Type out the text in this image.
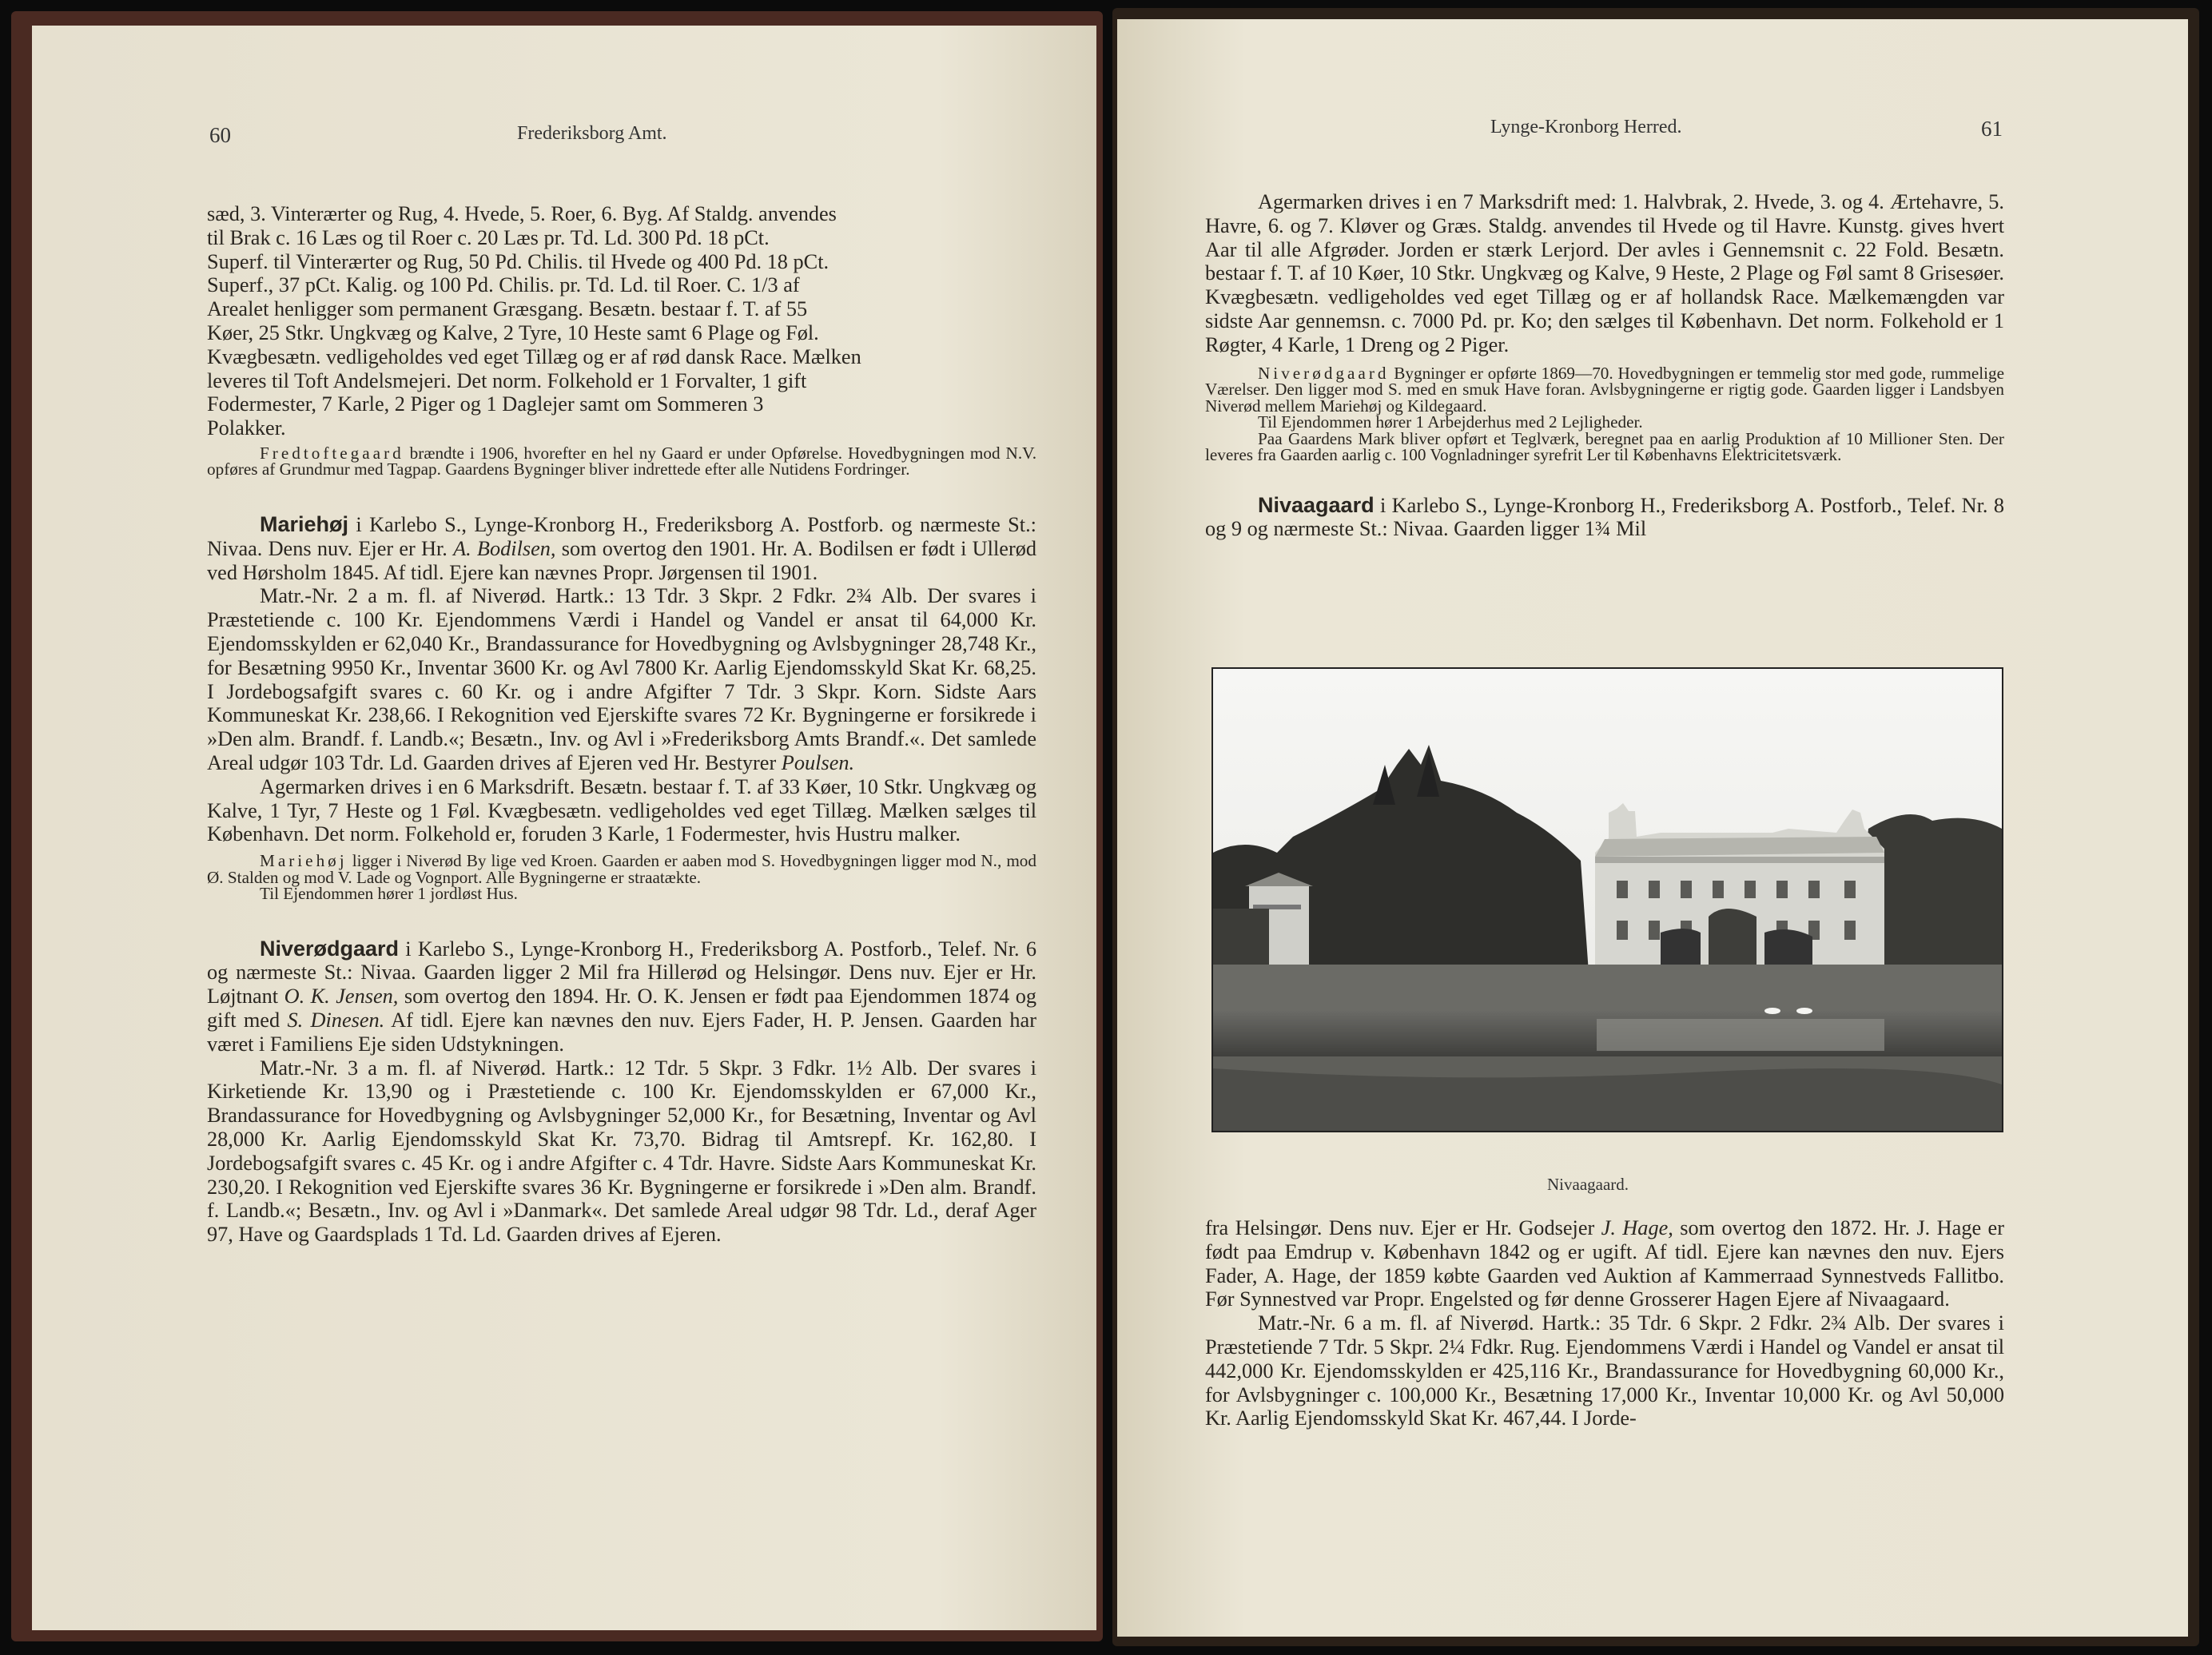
60	Frederiksborg Amt.

sæd, 3. Vinterærter og Rug, 4. Hvede, 5. Roer, 6. Byg. Af Staldg. anvendes
til Brak c. 16 Læs og til Roer c. 20 Læs pr. Td. Ld. 300 Pd. 18 pCt.
Superf. til Vinterærter og Rug, 50 Pd. Chilis. til Hvede og 400 Pd. 18 pCt.
Superf., 37 pCt. Kalig. og 100 Pd. Chilis. pr. Td. Ld. til Roer. C. 1/3 af
Arealet henligger som permanent Græsgang. Besætn. bestaar f. T. af 55
Køer, 25 Stkr. Ungkvæg og Kalve, 2 Tyre, 10 Heste samt 6 Plage og Føl.
Kvægbesætn. vedligeholdes ved eget Tillæg og er af rød dansk Race. Mælken
leveres til Toft Andelsmejeri. Det norm. Folkehold er 1 Forvalter, 1 gift
Fodermester, 7 Karle, 2 Piger og 1 Daglejer samt om Sommeren 3
Polakker.

Fredtoftegaard brændte i 1906, hvorefter en hel ny Gaard er under Opførelse. Hovedbygningen mod N.V. opføres af Grundmur med Tagpap. Gaardens Bygninger bliver indrettede efter alle Nutidens Fordringer.

Mariehøj i Karlebo S., Lynge-Kronborg H., Frederiksborg A. Postforb. og nærmeste St.: Nivaa. Dens nuv. Ejer er Hr. A. Bodilsen, som overtog den 1901. Hr. A. Bodilsen er født i Ullerød ved Hørsholm 1845. Af tidl. Ejere kan nævnes Propr. Jørgensen til 1901.

Matr.-Nr. 2 a m. fl. af Niverød. Hartk.: 13 Tdr. 3 Skpr. 2 Fdkr. 2¾ Alb. Der svares i Præstetiende c. 100 Kr. Ejendommens Værdi i Handel og Vandel er ansat til 64,000 Kr. Ejendomsskylden er 62,040 Kr., Brandassurance for Hovedbygning og Avlsbygninger 28,748 Kr., for Besætning 9950 Kr., Inventar 3600 Kr. og Avl 7800 Kr. Aarlig Ejendomsskyld Skat Kr. 68,25. I Jordebogsafgift svares c. 60 Kr. og i andre Afgifter 7 Tdr. 3 Skpr. Korn. Sidste Aars Kommuneskat Kr. 238,66. I Rekognition ved Ejerskifte svares 72 Kr. Bygningerne er forsikrede i »Den alm. Brandf. f. Landb.«; Besætn., Inv. og Avl i »Frederiksborg Amts Brandf.«. Det samlede Areal udgør 103 Tdr. Ld. Gaarden drives af Ejeren ved Hr. Bestyrer Poulsen.

Agermarken drives i en 6 Marksdrift. Besætn. bestaar f. T. af 33 Køer, 10 Stkr. Ungkvæg og Kalve, 1 Tyr, 7 Heste og 1 Føl. Kvægbesætn. vedligeholdes ved eget Tillæg. Mælken sælges til København. Det norm. Folkehold er, foruden 3 Karle, 1 Fodermester, hvis Hustru malker.

Mariehøj ligger i Niverød By lige ved Kroen. Gaarden er aaben mod S. Hovedbygningen ligger mod N., mod Ø. Stalden og mod V. Lade og Vognport. Alle Bygningerne er straatækte.

Til Ejendommen hører 1 jordløst Hus.

Niverødgaard i Karlebo S., Lynge-Kronborg H., Frederiksborg A. Postforb., Telef. Nr. 6 og nærmeste St.: Nivaa. Gaarden ligger 2 Mil fra Hillerød og Helsingør. Dens nuv. Ejer er Hr. Løjtnant O. K. Jensen, som overtog den 1894. Hr. O. K. Jensen er født paa Ejendommen 1874 og gift med S. Dinesen. Af tidl. Ejere kan nævnes den nuv. Ejers Fader, H. P. Jensen. Gaarden har været i Familiens Eje siden Udstykningen.

Matr.-Nr. 3 a m. fl. af Niverød. Hartk.: 12 Tdr. 5 Skpr. 3 Fdkr. 1½ Alb. Der svares i Kirketiende Kr. 13,90 og i Præstetiende c. 100 Kr. Ejendomsskylden er 67,000 Kr., Brandassurance for Hovedbygning og Avlsbygninger 52,000 Kr., for Besætning, Inventar og Avl 28,000 Kr. Aarlig Ejendomsskyld Skat Kr. 73,70. Bidrag til Amtsrepf. Kr. 162,80. I Jordebogsafgift svares c. 45 Kr. og i andre Afgifter c. 4 Tdr. Havre. Sidste Aars Kommuneskat Kr. 230,20. I Rekognition ved Ejerskifte svares 36 Kr. Bygningerne er forsikrede i »Den alm. Brandf. f. Landb.«; Besætn., Inv. og Avl i »Danmark«. Det samlede Areal udgør 98 Tdr. Ld., deraf Ager 97, Have og Gaardsplads 1 Td. Ld. Gaarden drives af Ejeren.

Lynge-Kronborg Herred.	61

Agermarken drives i en 7 Marksdrift med: 1. Halvbrak, 2. Hvede, 3. og 4. Ærtehavre, 5. Havre, 6. og 7. Kløver og Græs. Staldg. anvendes til Hvede og til Havre. Kunstg. gives hvert Aar til alle Afgrøder. Jorden er stærk Lerjord. Der avles i Gennemsnit c. 22 Fold. Besætn. bestaar f. T. af 10 Køer, 10 Stkr. Ungkvæg og Kalve, 9 Heste, 2 Plage og Føl samt 8 Grisesøer. Kvægbesætn. vedligeholdes ved eget Tillæg og er af hollandsk Race. Mælkemængden var sidste Aar gennemsn. c. 7000 Pd. pr. Ko; den sælges til København. Det norm. Folkehold er 1 Røgter, 4 Karle, 1 Dreng og 2 Piger.

Niverødgaard Bygninger er opførte 1869—70. Hovedbygningen er temmelig stor med gode, rummelige Værelser. Den ligger mod S. med en smuk Have foran. Avlsbygningerne er rigtig gode. Gaarden ligger i Landsbyen Niverød mellem Mariehøj og Kildegaard.

Til Ejendommen hører 1 Arbejderhus med 2 Lejligheder.

Paa Gaardens Mark bliver opført et Teglværk, beregnet paa en aarlig Produktion af 10 Millioner Sten. Der leveres fra Gaarden aarlig c. 100 Vognladninger syrefrit Ler til Københavns Elektricitetsværk.

Nivaagaard i Karlebo S., Lynge-Kronborg H., Frederiksborg A. Postforb., Telef. Nr. 8 og 9 og nærmeste St.: Nivaa. Gaarden ligger 1¾ Mil

Nivaagaard.

fra Helsingør. Dens nuv. Ejer er Hr. Godsejer J. Hage, som overtog den 1872. Hr. J. Hage er født paa Emdrup v. København 1842 og er ugift. Af tidl. Ejere kan nævnes den nuv. Ejers Fader, A. Hage, der 1859 købte Gaarden ved Auktion af Kammerraad Synnestveds Fallitbo. Før Synnestved var Propr. Engelsted og før denne Grosserer Hagen Ejere af Nivaagaard.

Matr.-Nr. 6 a m. fl. af Niverød. Hartk.: 35 Tdr. 6 Skpr. 2 Fdkr. 2¾ Alb. Der svares i Præstetiende 7 Tdr. 5 Skpr. 2¼ Fdkr. Rug. Ejendommens Værdi i Handel og Vandel er ansat til 442,000 Kr. Ejendomsskylden er 425,116 Kr., Brandassurance for Hovedbygning 60,000 Kr., for Avlsbygninger c. 100,000 Kr., Besætning 17,000 Kr., Inventar 10,000 Kr. og Avl 50,000 Kr. Aarlig Ejendomsskyld Skat Kr. 467,44. I Jorde-
